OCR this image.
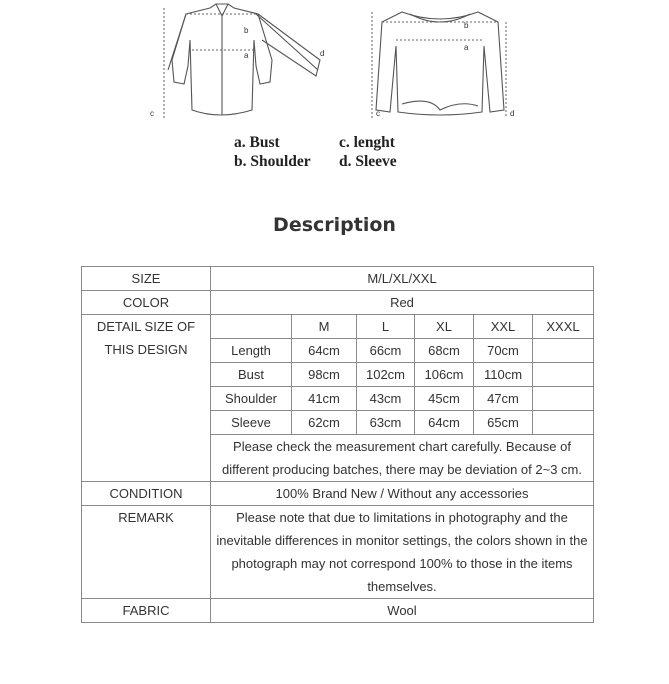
b
a
c
d
b
a
c	d
a. Bust
b. Shoulder
c. lenght
d. Sleeve
Description
SIZE	M/L/XL/XXL					
COLOR	Red					

DETAIL SIZE OF THIS DESIGN		M	L	XL	XXL	XXXL
	Length	64cm	66cm	68cm	70cm	
	Bust	98cm	102cm	106cm	110cm	
	Shoulder	41cm	43cm	45cm	47cm	
	Sleeve	62cm	63cm	64cm	65cm	
	Please check the measurement chart carefully. Because of different producing batches, there may be deviation of 2~3 cm.					
CONDITION	100% Brand New / Without any accessories					
REMARK	Please note that due to limitations in photography and the inevitable differences in monitor settings, the colors shown in the photograph may not correspond 100% to those in the items themselves.					
FABRIC	Wool					
